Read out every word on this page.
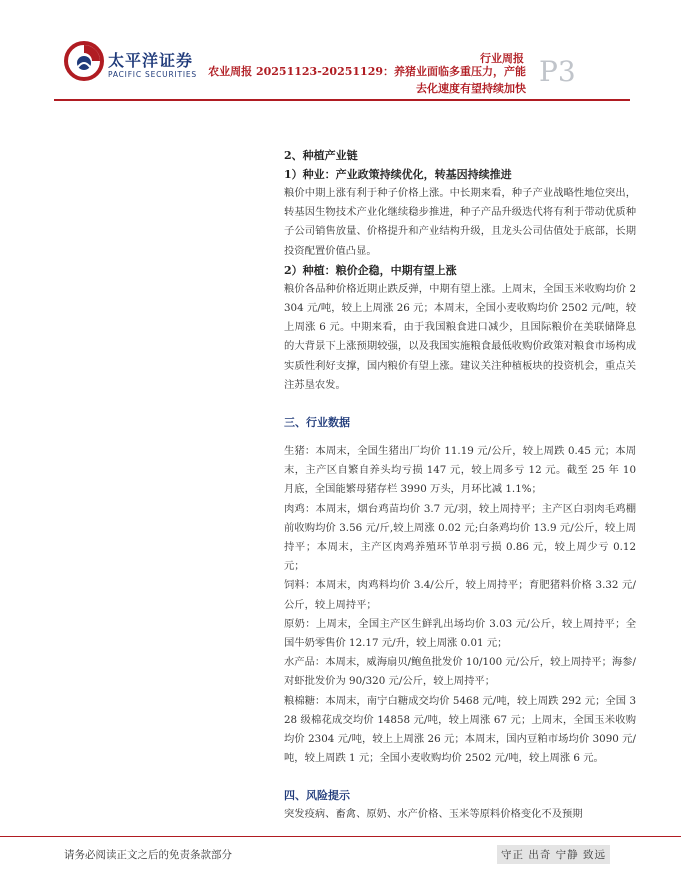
太平洋证券
PACIFIC SECURITIES
行业周报
农业周报 20251123-20251129：养猪业面临多重压力，产能去化速度有望持续加快 P3

2、种植产业链

1）种业：产业政策持续优化，转基因持续推进

粮价中期上涨有利于种子价格上涨。中长期来看，种子产业战略性地位突出，转基因生物技术产业化继续稳步推进，种子产品升级迭代将有利于带动优质种子公司销售放量、价格提升和产业结构升级，且龙头公司估值处于底部，长期投资配置价值凸显。

2）种植：粮价企稳，中期有望上涨

粮价各品种价格近期止跌反弹，中期有望上涨。上周末，全国玉米收购均价 2304 元/吨，较上上周涨 26 元；本周末，全国小麦收购均价 2502 元/吨，较上周涨 6 元。中期来看，由于我国粮食进口减少，且国际粮价在美联储降息的大背景下上涨预期较强，以及我国实施粮食最低收购价政策对粮食市场构成实质性利好支撑，国内粮价有望上涨。建议关注种植板块的投资机会，重点关注苏垦农发。

三、行业数据

生猪：本周末，全国生猪出厂均价 11.19 元/公斤，较上周跌 0.45 元；本周末，主产区自繁自养头均亏损 147 元，较上周多亏 12 元。截至 25 年 10 月底，全国能繁母猪存栏 3990 万头，月环比减 1.1%；

肉鸡：本周末，烟台鸡苗均价 3.7 元/羽，较上周持平；主产区白羽肉毛鸡棚前收购均价 3.56 元/斤,较上周涨 0.02 元;白条鸡均价 13.9 元/公斤，较上周持平；本周末，主产区肉鸡养殖环节单羽亏损 0.86 元，较上周少亏 0.12 元；

饲料：本周末，肉鸡料均价 3.4/公斤，较上周持平；育肥猪料价格 3.32 元/公斤，较上周持平；

原奶：上周末，全国主产区生鲜乳出场均价 3.03 元/公斤，较上周持平；全国牛奶零售价 12.17 元/升，较上周涨 0.01 元；

水产品：本周末，威海扇贝/鲍鱼批发价 10/100 元/公斤，较上周持平；海参/对虾批发价为 90/320 元/公斤，较上周持平；

粮棉糖：本周末，南宁白糖成交均价 5468 元/吨，较上周跌 292 元；全国 328 级棉花成交均价 14858 元/吨，较上周涨 67 元；上周末，全国玉米收购均价 2304 元/吨，较上上周涨 26 元；本周末，国内豆粕市场均价 3090 元/吨，较上周跌 1 元；全国小麦收购均价 2502 元/吨，较上周涨 6 元。

四、风险提示

突发疫病、畜禽、原奶、水产价格、玉米等原料价格变化不及预期

请务必阅读正文之后的免责条款部分	守正 出奇 宁静 致远
